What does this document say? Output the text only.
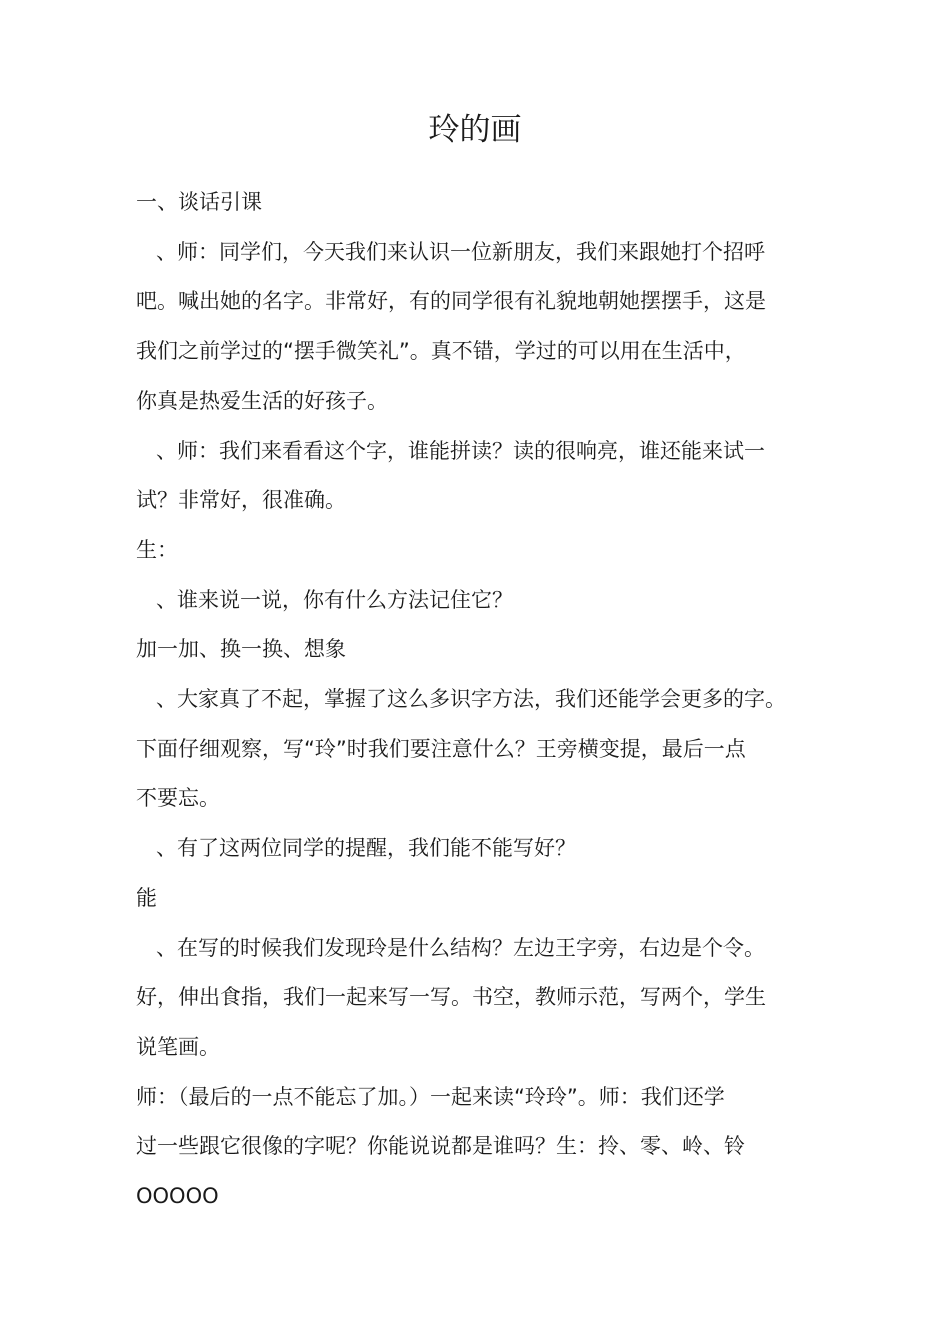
玲的画

一、谈话引课

、师：同学们，今天我们来认识一位新朋友，我们来跟她打个招呼

吧。喊出她的名字。非常好，有的同学很有礼貌地朝她摆摆手，这是

我们之前学过的“摆手微笑礼”。真不错，学过的可以用在生活中，

你真是热爱生活的好孩子。

、师：我们来看看这个字，谁能拼读？读的很响亮，谁还能来试一

试？非常好，很准确。

生：

、谁来说一说，你有什么方法记住它？

加一加、换一换、想象

、大家真了不起，掌握了这么多识字方法，我们还能学会更多的字。

下面仔细观察，写“玲”时我们要注意什么？王旁横变提，最后一点

不要忘。

、有了这两位同学的提醒，我们能不能写好？

能

、在写的时候我们发现玲是什么结构？左边王字旁，右边是个令。

好，伸出食指，我们一起来写一写。书空，教师示范，写两个，学生

说笔画。

师：（最后的一点不能忘了加。）一起来读“玲玲”。师：我们还学

过一些跟它很像的字呢？你能说说都是谁吗？生：拎、零、岭、铃

OOOOO
